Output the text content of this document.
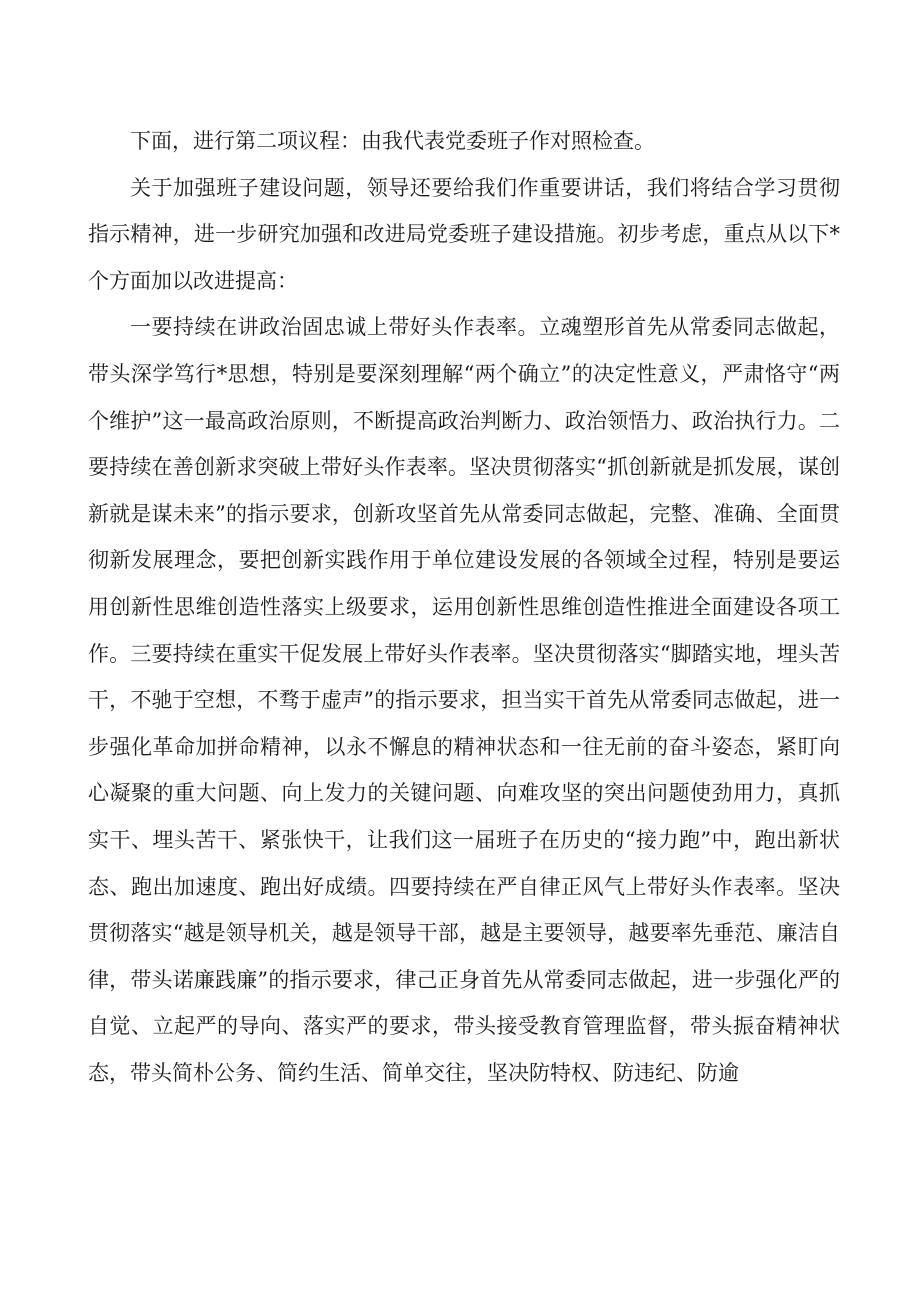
下面，进行第二项议程：由我代表党委班子作对照检查。

关于加强班子建设问题，领导还要给我们作重要讲话，我们将结合学习贯彻指示精神，进一步研究加强和改进局党委班子建设措施。初步考虑，重点从以下*个方面加以改进提高：

一要持续在讲政治固忠诚上带好头作表率。立魂塑形首先从常委同志做起，带头深学笃行*思想，特别是要深刻理解“两个确立”的决定性意义，严肃恪守“两个维护”这一最高政治原则，不断提高政治判断力、政治领悟力、政治执行力。二要持续在善创新求突破上带好头作表率。坚决贯彻落实“抓创新就是抓发展，谋创新就是谋未来”的指示要求，创新攻坚首先从常委同志做起，完整、准确、全面贯彻新发展理念，要把创新实践作用于单位建设发展的各领域全过程，特别是要运用创新性思维创造性落实上级要求，运用创新性思维创造性推进全面建设各项工作。三要持续在重实干促发展上带好头作表率。坚决贯彻落实“脚踏实地，埋头苦干，不驰于空想，不骛于虚声”的指示要求，担当实干首先从常委同志做起，进一步强化革命加拼命精神，以永不懈息的精神状态和一往无前的奋斗姿态，紧盯向心凝聚的重大问题、向上发力的关键问题、向难攻坚的突出问题使劲用力，真抓实干、埋头苦干、紧张快干，让我们这一届班子在历史的“接力跑”中，跑出新状态、跑出加速度、跑出好成绩。四要持续在严自律正风气上带好头作表率。坚决贯彻落实“越是领导机关，越是领导干部，越是主要领导，越要率先垂范、廉洁自律，带头诺廉践廉”的指示要求，律己正身首先从常委同志做起，进一步强化严的自觉、立起严的导向、落实严的要求，带头接受教育管理监督，带头振奋精神状态，带头简朴公务、简约生活、简单交往，坚决防特权、防违纪、防逾
